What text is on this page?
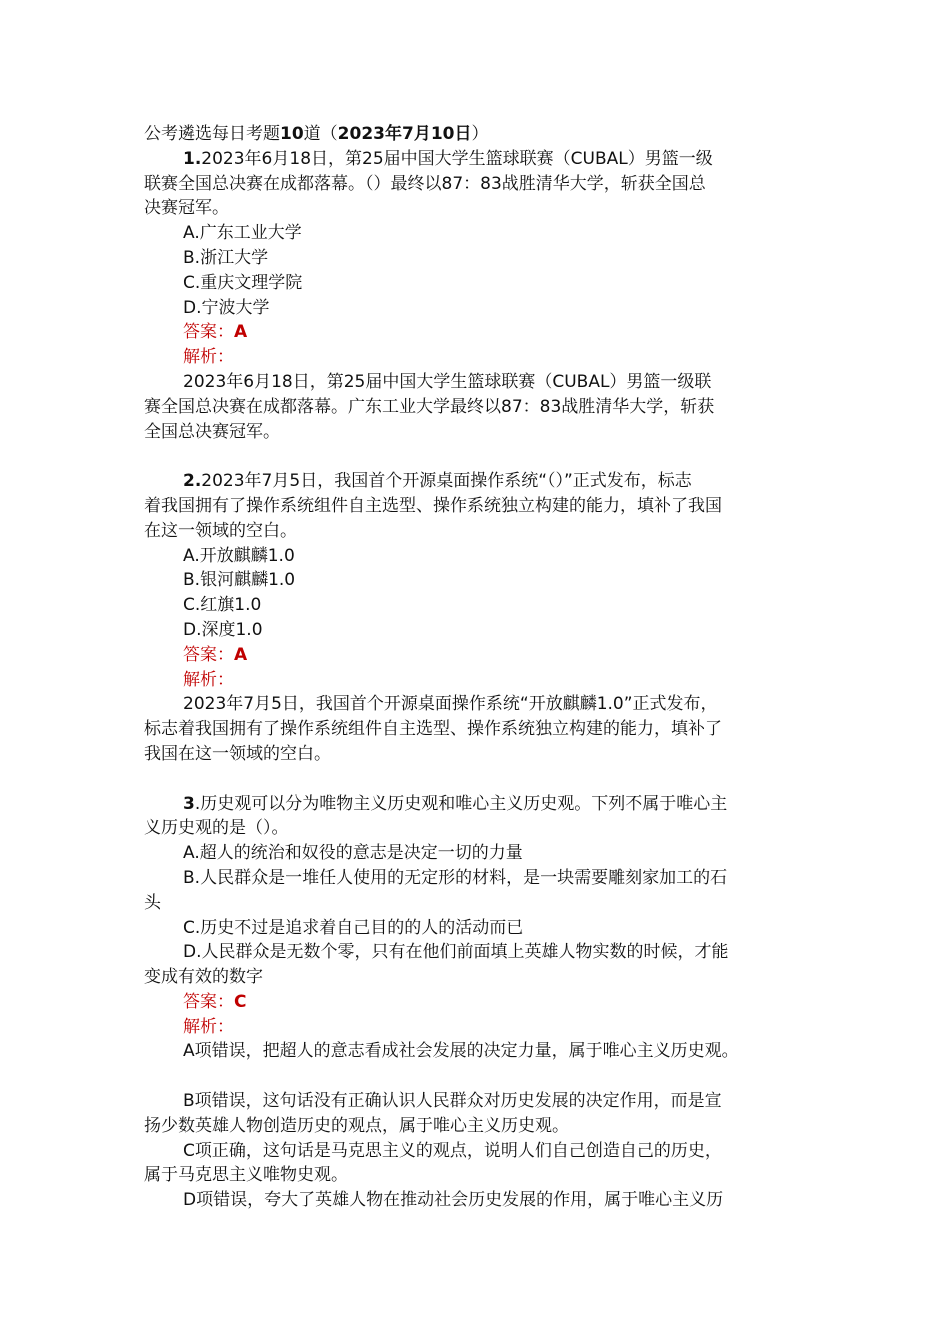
公考遴选每日考题10道（2023年7月10日）
1.2023年6月18日，第25届中国大学生篮球联赛（CUBAL）男篮一级
联赛全国总决赛在成都落幕。（）最终以87：83战胜清华大学，斩获全国总
决赛冠军。
A.广东工业大学
B.浙江大学
C.重庆文理学院
D.宁波大学
答案：A
解析：
2023年6月18日，第25届中国大学生篮球联赛（CUBAL）男篮一级联
赛全国总决赛在成都落幕。广东工业大学最终以87：83战胜清华大学，斩获
全国总决赛冠军。
2.2023年7月5日，我国首个开源桌面操作系统“（）”正式发布，标志
着我国拥有了操作系统组件自主选型、操作系统独立构建的能力，填补了我国
在这一领域的空白。
A.开放麒麟1.0
B.银河麒麟1.0
C.红旗1.0
D.深度1.0
答案：A
解析：
2023年7月5日，我国首个开源桌面操作系统“开放麒麟1.0”正式发布，
标志着我国拥有了操作系统组件自主选型、操作系统独立构建的能力，填补了
我国在这一领域的空白。
3.历史观可以分为唯物主义历史观和唯心主义历史观。下列不属于唯心主
义历史观的是（）。
A.超人的统治和奴役的意志是决定一切的力量
B.人民群众是一堆任人使用的无定形的材料，是一块需要雕刻家加工的石
头
C.历史不过是追求着自己目的的人的活动而已
D.人民群众是无数个零，只有在他们前面填上英雄人物实数的时候，才能
变成有效的数字
答案：C
解析：
A项错误，把超人的意志看成社会发展的决定力量，属于唯心主义历史观。
B项错误，这句话没有正确认识人民群众对历史发展的决定作用，而是宣
扬少数英雄人物创造历史的观点，属于唯心主义历史观。
C项正确，这句话是马克思主义的观点，说明人们自己创造自己的历史，
属于马克思主义唯物史观。
D项错误，夸大了英雄人物在推动社会历史发展的作用，属于唯心主义历
